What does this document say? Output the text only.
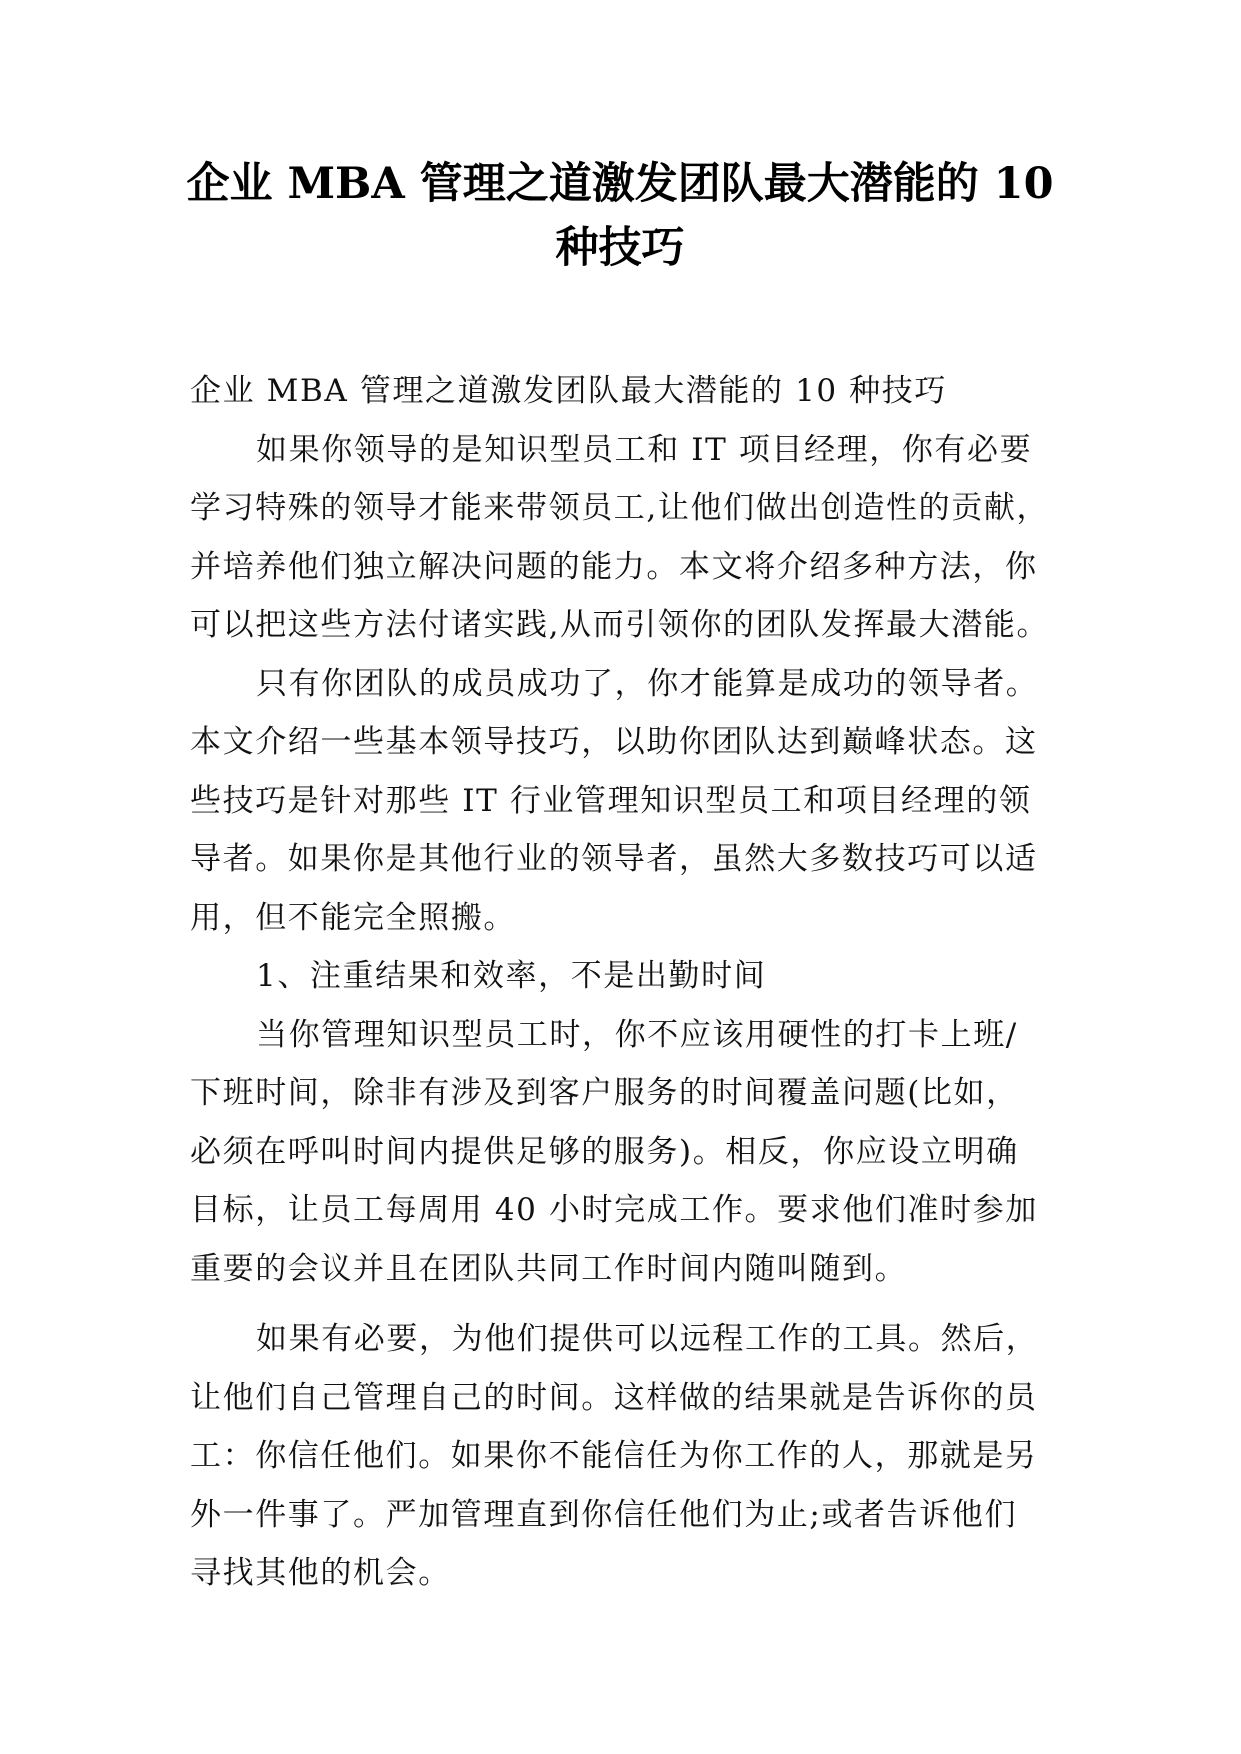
企业 MBA 管理之道激发团队最大潜能的 10
种技巧
企业 MBA 管理之道激发团队最大潜能的 10 种技巧
如果你领导的是知识型员工和 IT 项目经理，你有必要
学习特殊的领导才能来带领员工,让他们做出创造性的贡献，
并培养他们独立解决问题的能力。本文将介绍多种方法，你
可以把这些方法付诸实践,从而引领你的团队发挥最大潜能。
只有你团队的成员成功了，你才能算是成功的领导者。
本文介绍一些基本领导技巧，以助你团队达到巅峰状态。这
些技巧是针对那些 IT 行业管理知识型员工和项目经理的领
导者。如果你是其他行业的领导者，虽然大多数技巧可以适
用，但不能完全照搬。
1、注重结果和效率，不是出勤时间
当你管理知识型员工时，你不应该用硬性的打卡上班/
下班时间，除非有涉及到客户服务的时间覆盖问题(比如，
必须在呼叫时间内提供足够的服务)。相反，你应设立明确
目标，让员工每周用 40 小时完成工作。要求他们准时参加
重要的会议并且在团队共同工作时间内随叫随到。
如果有必要，为他们提供可以远程工作的工具。然后，
让他们自己管理自己的时间。这样做的结果就是告诉你的员
工：你信任他们。如果你不能信任为你工作的人，那就是另
外一件事了。严加管理直到你信任他们为止;或者告诉他们
寻找其他的机会。
